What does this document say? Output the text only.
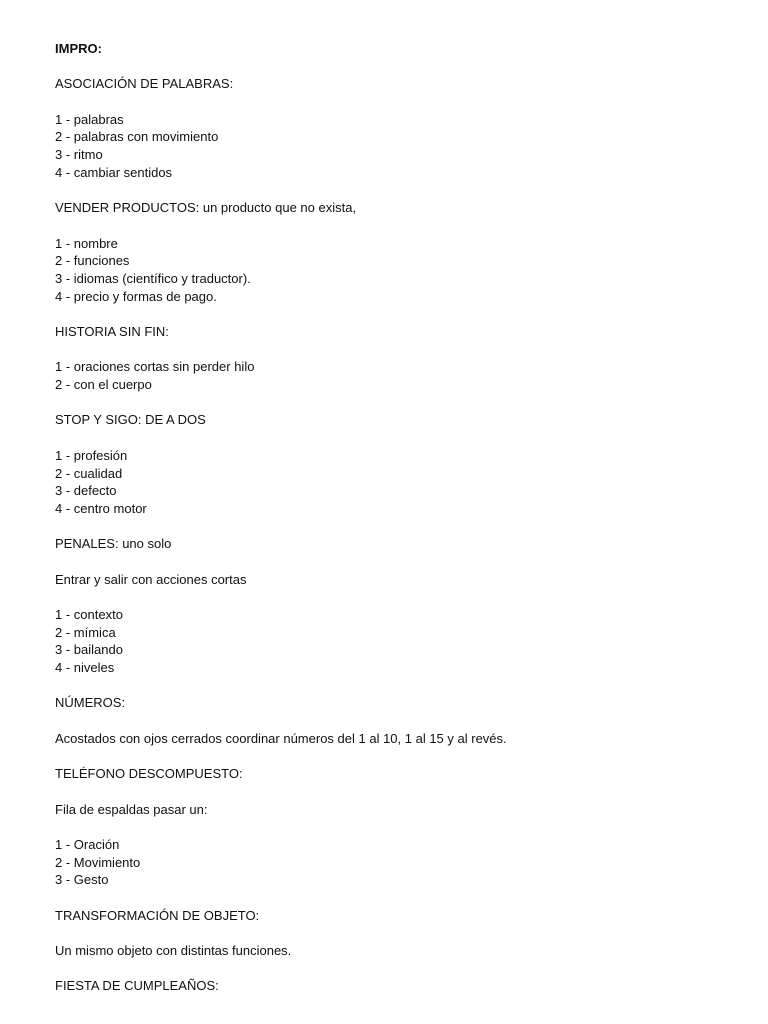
IMPRO:
ASOCIACIÓN DE PALABRAS:
1 - palabras
2 - palabras con movimiento
3 - ritmo
4 - cambiar sentidos
VENDER PRODUCTOS: un producto que no exista,
1 - nombre
2 - funciones
3 - idiomas (científico y traductor).
4 - precio y formas de pago.
HISTORIA SIN FIN:
1 - oraciones cortas sin perder hilo
2 - con el cuerpo
STOP Y SIGO: DE A DOS
1 - profesión
2 - cualidad
3 - defecto
4 - centro motor
PENALES: uno solo
Entrar y salir con acciones cortas
1 - contexto
2 - mímica
3 - bailando
4 - niveles
NÚMEROS:
Acostados con ojos cerrados coordinar números del 1 al 10, 1 al 15 y al revés.
TELÉFONO DESCOMPUESTO:
Fila de espaldas pasar un:
1 - Oración
2 - Movimiento
3 - Gesto
TRANSFORMACIÓN DE OBJETO:
Un mismo objeto con distintas funciones.
FIESTA DE CUMPLEAÑOS:
